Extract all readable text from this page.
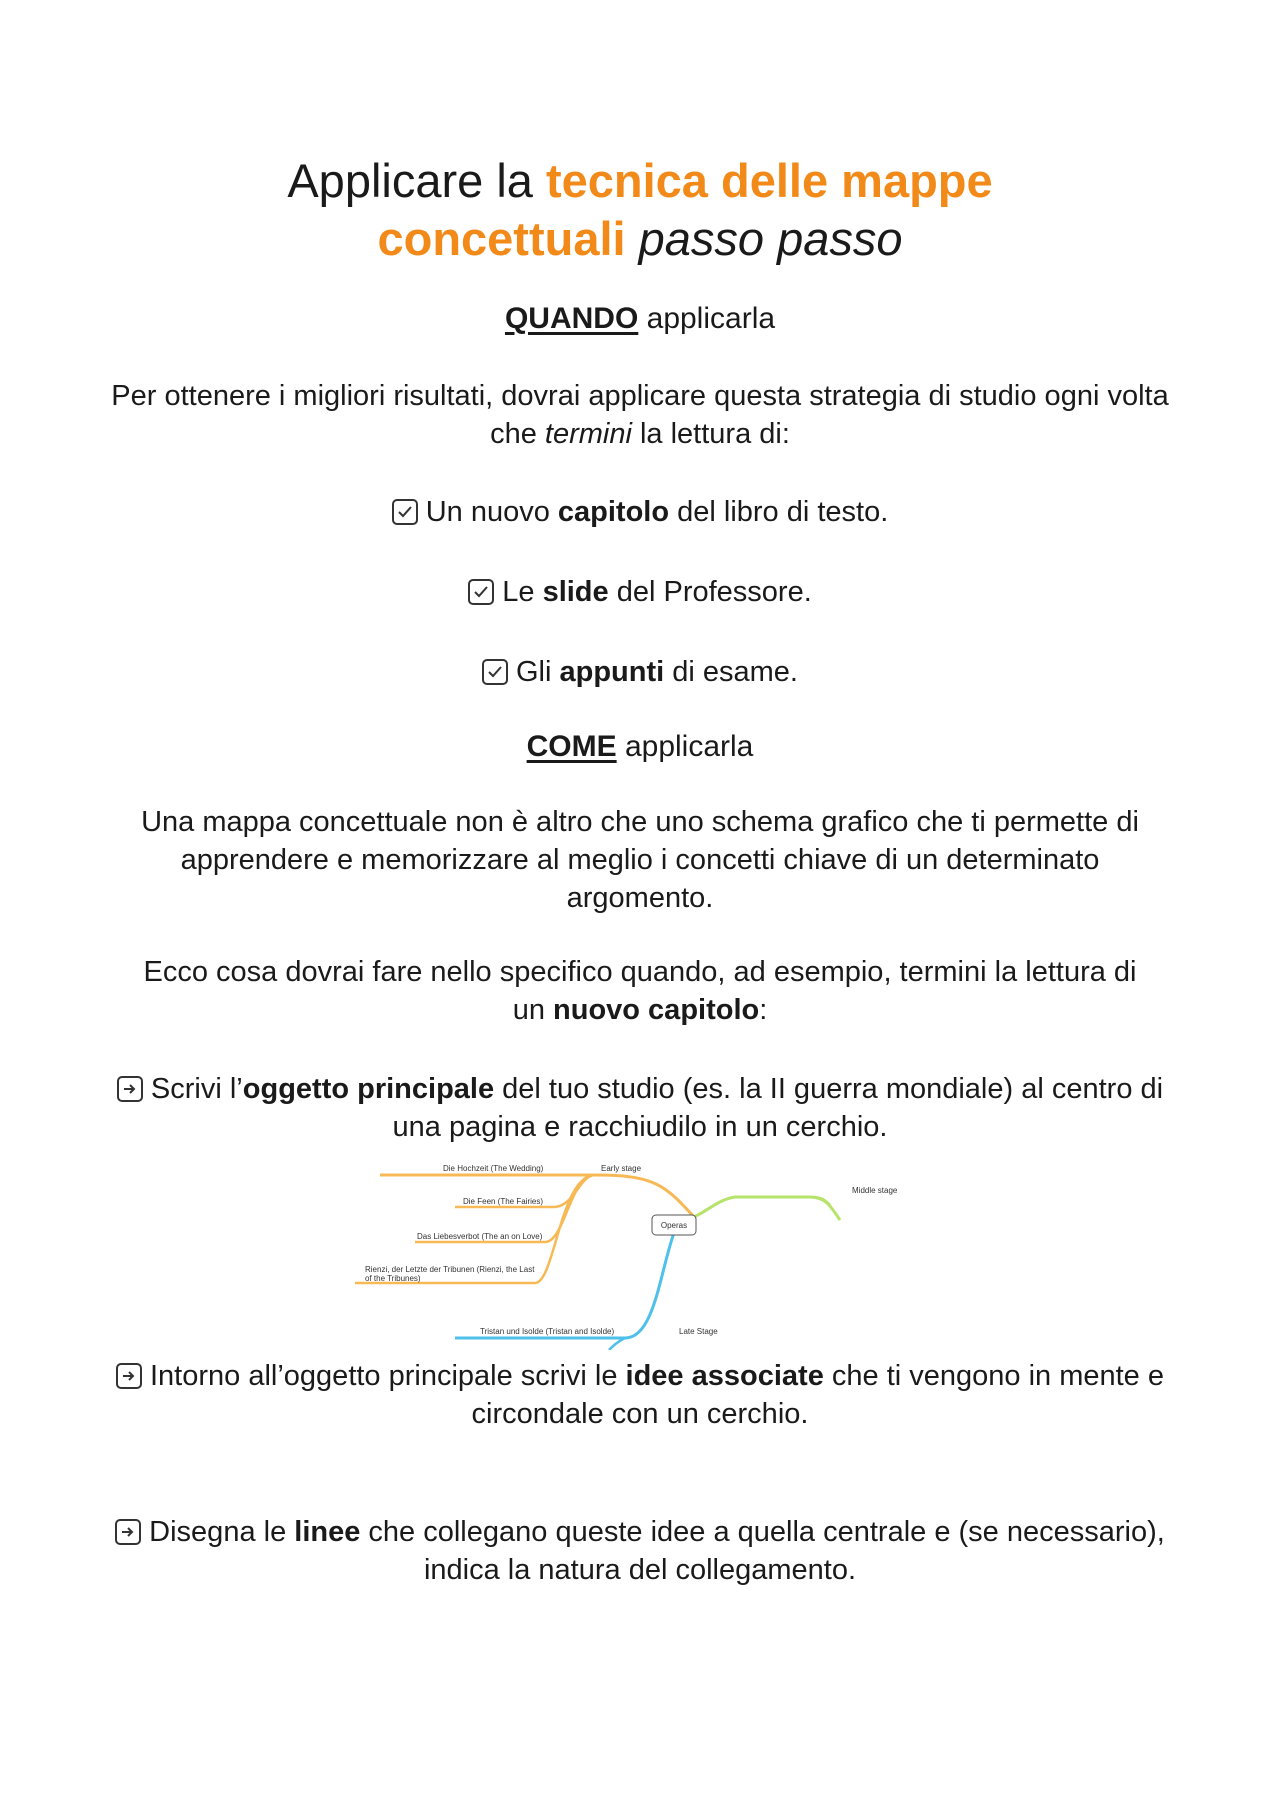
Applicare la tecnica delle mappe
concettuali passo passo

QUANDO applicarla

Per ottenere i migliori risultati, dovrai applicare questa strategia di studio ogni volta che termini la lettura di:

Un nuovo capitolo del libro di testo.

Le slide del Professore.

Gli appunti di esame.

COME applicarla

Una mappa concettuale non è altro che uno schema grafico che ti permette di apprendere e memorizzare al meglio i concetti chiave di un determinato argomento.

Ecco cosa dovrai fare nello specifico quando, ad esempio, termini la lettura di un nuovo capitolo:

Scrivi l’oggetto principale del tuo studio (es. la II guerra mondiale) al centro di una pagina e racchiudilo in un cerchio.

Operas
Early stage
Middle stage
Late Stage
Die Hochzeit (The Wedding)
Die Feen (The Fairies)
Das Liebesverbot (The an on Love)
Rienzi, der Letzte der Tribunen (Rienzi, the Last
of the Tribunes)
Tristan und Isolde (Tristan and Isolde)

Intorno all’oggetto principale scrivi le idee associate che ti vengono in mente e circondale con un cerchio.

Disegna le linee che collegano queste idee a quella centrale e (se necessario), indica la natura del collegamento.
